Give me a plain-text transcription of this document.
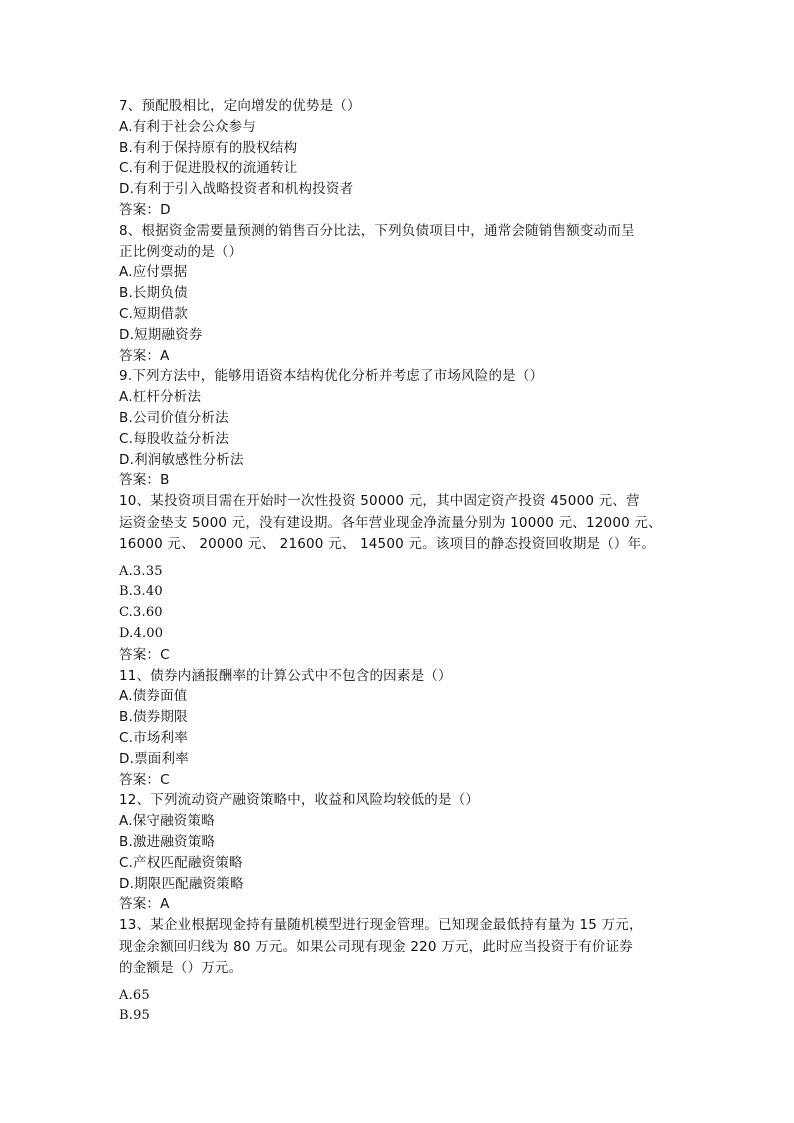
7、预配股相比，定向增发的优势是（）
A.有利于社会公众参与
B.有利于保持原有的股权结构
C.有利于促进股权的流通转让
D.有利于引入战略投资者和机构投资者
答案：D
8、根据资金需要量预测的销售百分比法，下列负债项目中，通常会随销售额变动而呈
正比例变动的是（）
A.应付票据
B.长期负债
C.短期借款
D.短期融资券
答案：A
9.下列方法中，能够用语资本结构优化分析并考虑了市场风险的是（）
A.杠杆分析法
B.公司价值分析法
C.每股收益分析法
D.利润敏感性分析法
答案：B
10、某投资项目需在开始时一次性投资 50000 元，其中固定资产投资 45000 元、营
运资金垫支 5000 元，没有建设期。各年营业现金净流量分别为 10000 元、12000 元、
16000 元、 20000 元、 21600 元、 14500 元。该项目的静态投资回收期是（）年。
A.3.35
B.3.40
C.3.60
D.4.00
答案：C
11、债券内涵报酬率的计算公式中不包含的因素是（）
A.债券面值
B.债券期限
C.市场利率
D.票面利率
答案：C
12、下列流动资产融资策略中，收益和风险均较低的是（）
A.保守融资策略
B.激进融资策略
C.产权匹配融资策略
D.期限匹配融资策略
答案：A
13、某企业根据现金持有量随机模型进行现金管理。已知现金最低持有量为 15 万元，
现金余额回归线为 80 万元。如果公司现有现金 220 万元，此时应当投资于有价证券
的金额是（）万元。
A.65
B.95
